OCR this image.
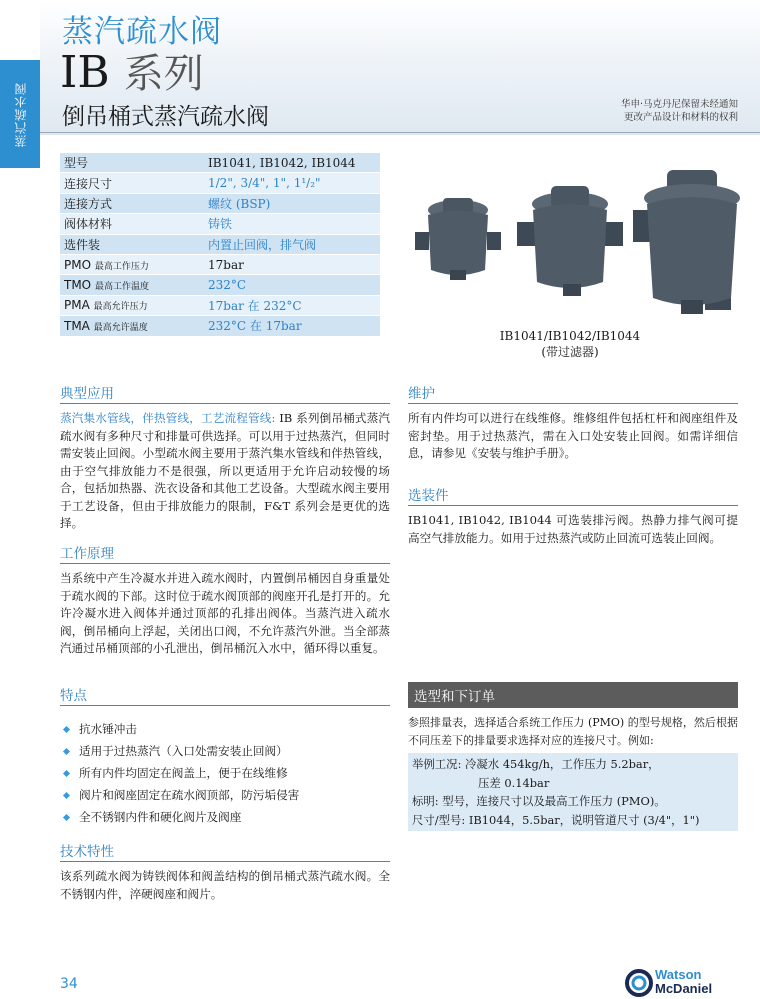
蒸汽疏水阀
蒸汽疏水阀
IB 系列
倒吊桶式蒸汽疏水阀	华申·马克丹尼保留未经通知
更改产品设计和材料的权利
型号	IB1041, IB1042, IB1044
连接尺寸	1/2", 3/4", 1", 1¹/₂"
连接方式	螺纹 (BSP)
阀体材料	铸铁
选件装	内置止回阀，排气阀
PMO 最高工作压力	17bar
TMO 最高工作温度	232°C
PMA 最高允许压力	17bar 在 232°C
TMA 最高允许温度	232°C 在 17bar
IB1041/IB1042/IB1044
(带过滤器)
典型应用
蒸汽集水管线，伴热管线，工艺流程管线: IB 系列倒吊桶式蒸汽疏水阀有多种尺寸和排量可供选择。可以用于过热蒸汽，但同时需安装止回阀。小型疏水阀主要用于蒸汽集水管线和伴热管线，由于空气排放能力不是很强，所以更适用于允许启动较慢的场合，包括加热器、洗衣设备和其他工艺设备。大型疏水阀主要用于工艺设备，但由于排放能力的限制，F&T 系列会是更优的选择。
工作原理
当系统中产生冷凝水并进入疏水阀时，内置倒吊桶因自身重量处于疏水阀的下部。这时位于疏水阀顶部的阀座开孔是打开的。允许冷凝水进入阀体并通过顶部的孔排出阀体。当蒸汽进入疏水阀，倒吊桶向上浮起，关闭出口阀，不允许蒸汽外泄。当全部蒸汽通过吊桶顶部的小孔泄出，倒吊桶沉入水中，循环得以重复。
特点
抗水锤冲击
适用于过热蒸汽（入口处需安装止回阀）
所有内件均固定在阀盖上，便于在线维修
阀片和阀座固定在疏水阀顶部，防污垢侵害
全不锈钢内件和硬化阀片及阀座
技术特性
该系列疏水阀为铸铁阀体和阀盖结构的倒吊桶式蒸汽疏水阀。全不锈钢内件，淬硬阀座和阀片。
维护
所有内件均可以进行在线维修。维修组件包括杠杆和阀座组件及密封垫。用于过热蒸汽，需在入口处安装止回阀。如需详细信息，请参见《安装与维护手册》。
选装件
IB1041, IB1042, IB1044 可选装排污阀。热静力排气阀可提高空气排放能力。如用于过热蒸汽或防止回流可选装止回阀。
选型和下订单
参照排量表，选择适合系统工作压力 (PMO) 的型号规格，然后根据不同压差下的排量要求选择对应的连接尺寸。例如:
举例工况: 冷凝水 454kg/h，工作压力 5.2bar，
压差 0.14bar
标明: 型号，连接尺寸以及最高工作压力 (PMO)。
尺寸/型号: IB1044，5.5bar，说明管道尺寸 (3/4"，1")
34
Watson
McDaniel
